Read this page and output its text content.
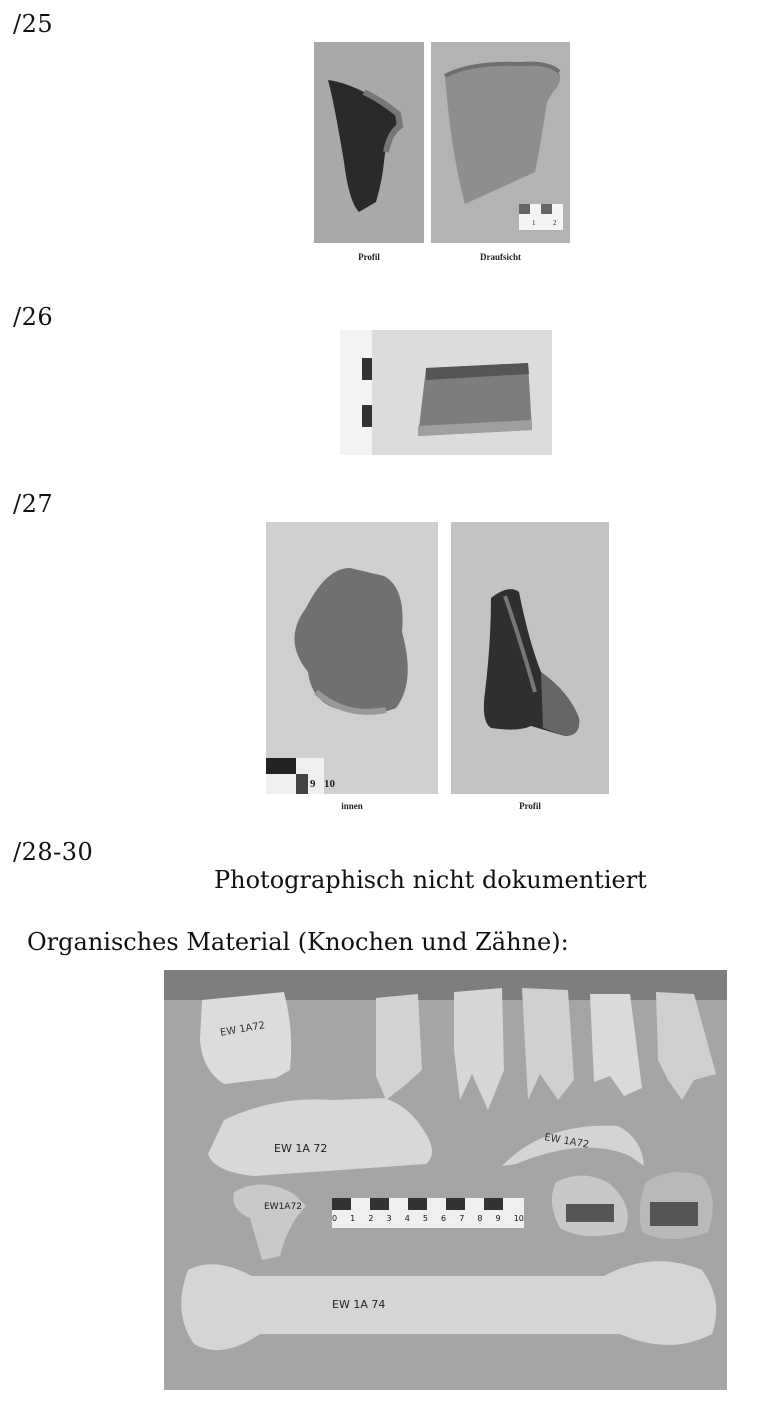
/25
1	2
Profil	Draufsicht
/26
/27
9 10
innen	Profil
/28-30
Photographisch nicht dokumentiert
Organisches Material (Knochen und Zähne):
EW 1A72
EW 1A72
EW 1A 72
EW1A72
EW 1A 74
0 1 2 3 4 5 6 7 8 9 10
